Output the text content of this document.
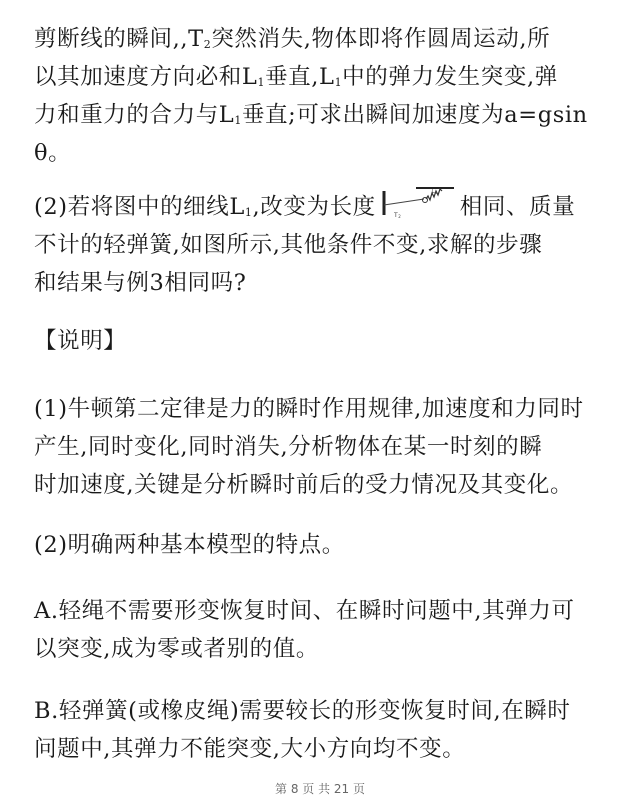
剪断线的瞬间$,,T_2$突然消失,物体即将作圆周运动,所
以其加速度方向必和$L_1$垂直$,L_1$中的弹力发生突变,弹
力和重力的合力与$L_1$垂直;可求出瞬间加速度为a=gsin
θ。
(2)若将图中的细线$L_1$,改变为长度	T2
$L_1$
相同、质量
不计的轻弹簧,如图所示,其他条件不变,求解的步骤
和结果与例3相同吗?
【说明】
(1)牛顿第二定律是力的瞬时作用规律,加速度和力同时
产生,同时变化,同时消失,分析物体在某一时刻的瞬
时加速度,关键是分析瞬时前后的受力情况及其变化。
(2)明确两种基本模型的特点。
A.轻绳不需要形变恢复时间、在瞬时问题中,其弹力可
以突变,成为零或者别的值。
B.轻弹簧(或橡皮绳)需要较长的形变恢复时间,在瞬时
问题中,其弹力不能突变,大小方向均不变。
第 8 页 共 21 页
